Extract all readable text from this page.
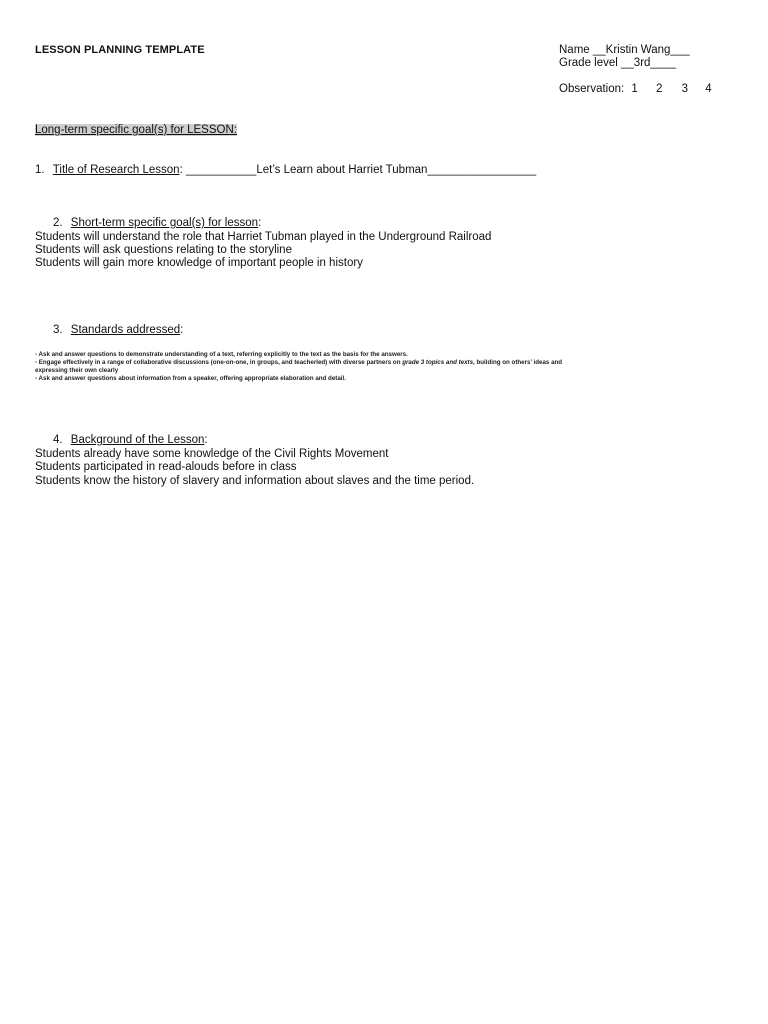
LESSON PLANNING TEMPLATE	Name __Kristin Wang___
Grade level __3rd____
Observation: 1 2 3 4
Long-term specific goal(s) for LESSON:
1. Title of Research Lesson: ___________Let’s Learn about Harriet Tubman_________________
2. Short-term specific goal(s) for lesson:
Students will understand the role that Harriet Tubman played in the Underground Railroad
Students will ask questions relating to the storyline
Students will gain more knowledge of important people in history
3. Standards addressed:
- Ask and answer questions to demonstrate understanding of a text, referring explicitly to the text as the basis for the answers.
- Engage effectively in a range of collaborative discussions (one-on-one, in groups, and teacherled) with diverse partners on grade 3 topics and texts, building on others’ ideas and
expressing their own clearly
- Ask and answer questions about information from a speaker, offering appropriate elaboration and detail.
4. Background of the Lesson:
Students already have some knowledge of the Civil Rights Movement
Students participated in read-alouds before in class
Students know the history of slavery and information about slaves and the time period.
